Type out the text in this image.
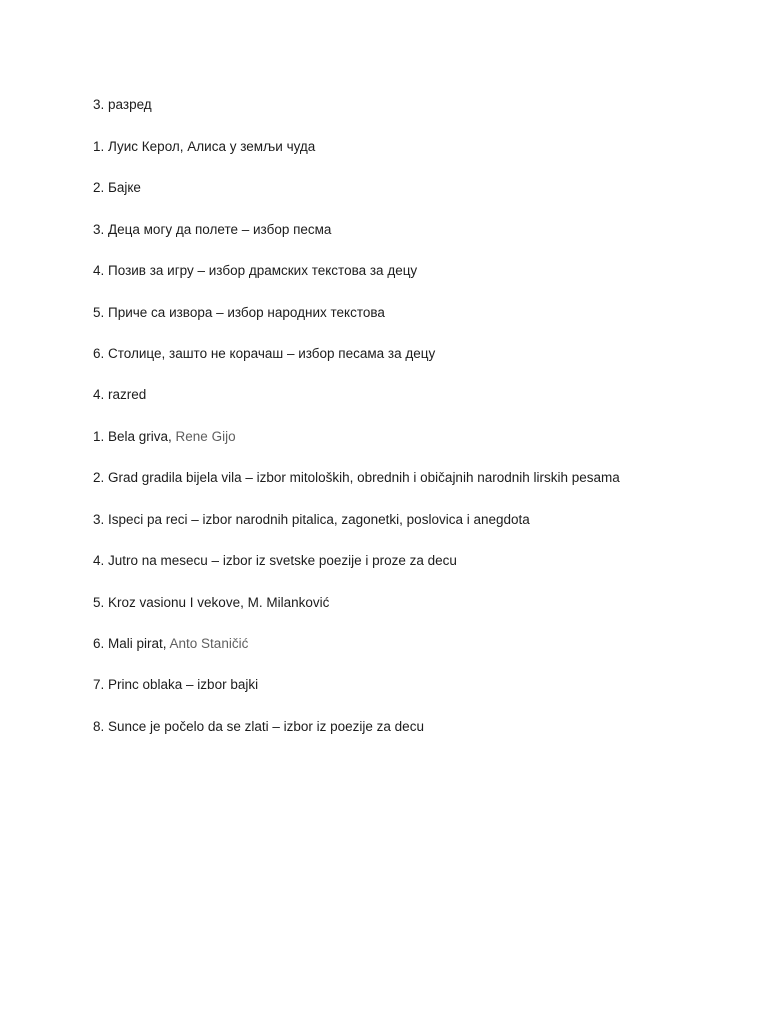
3. разред
1. Луис Керол, Алиса у земљи чуда
2. Бајке
3. Деца могу да полете – избор песма
4. Позив за игру – избор драмских текстова за децу
5. Приче са извора – избор народних текстова
6. Столице, зашто не корачаш – избор песама за децу
4. razred
1. Bela griva, Rene Gijo
2. Grad gradila bijela vila – izbor mitoloških, obrednih i običajnih narodnih lirskih pesama
3. Ispeci pa reci – izbor narodnih pitalica, zagonetki, poslovica i anegdota
4. Jutro na mesecu – izbor iz svetske poezije i proze za decu
5. Kroz vasionu I vekove, M. Milanković
6. Mali pirat, Anto Staničić
7. Princ oblaka – izbor bajki
8. Sunce je počelo da se zlati – izbor iz poezije za decu
